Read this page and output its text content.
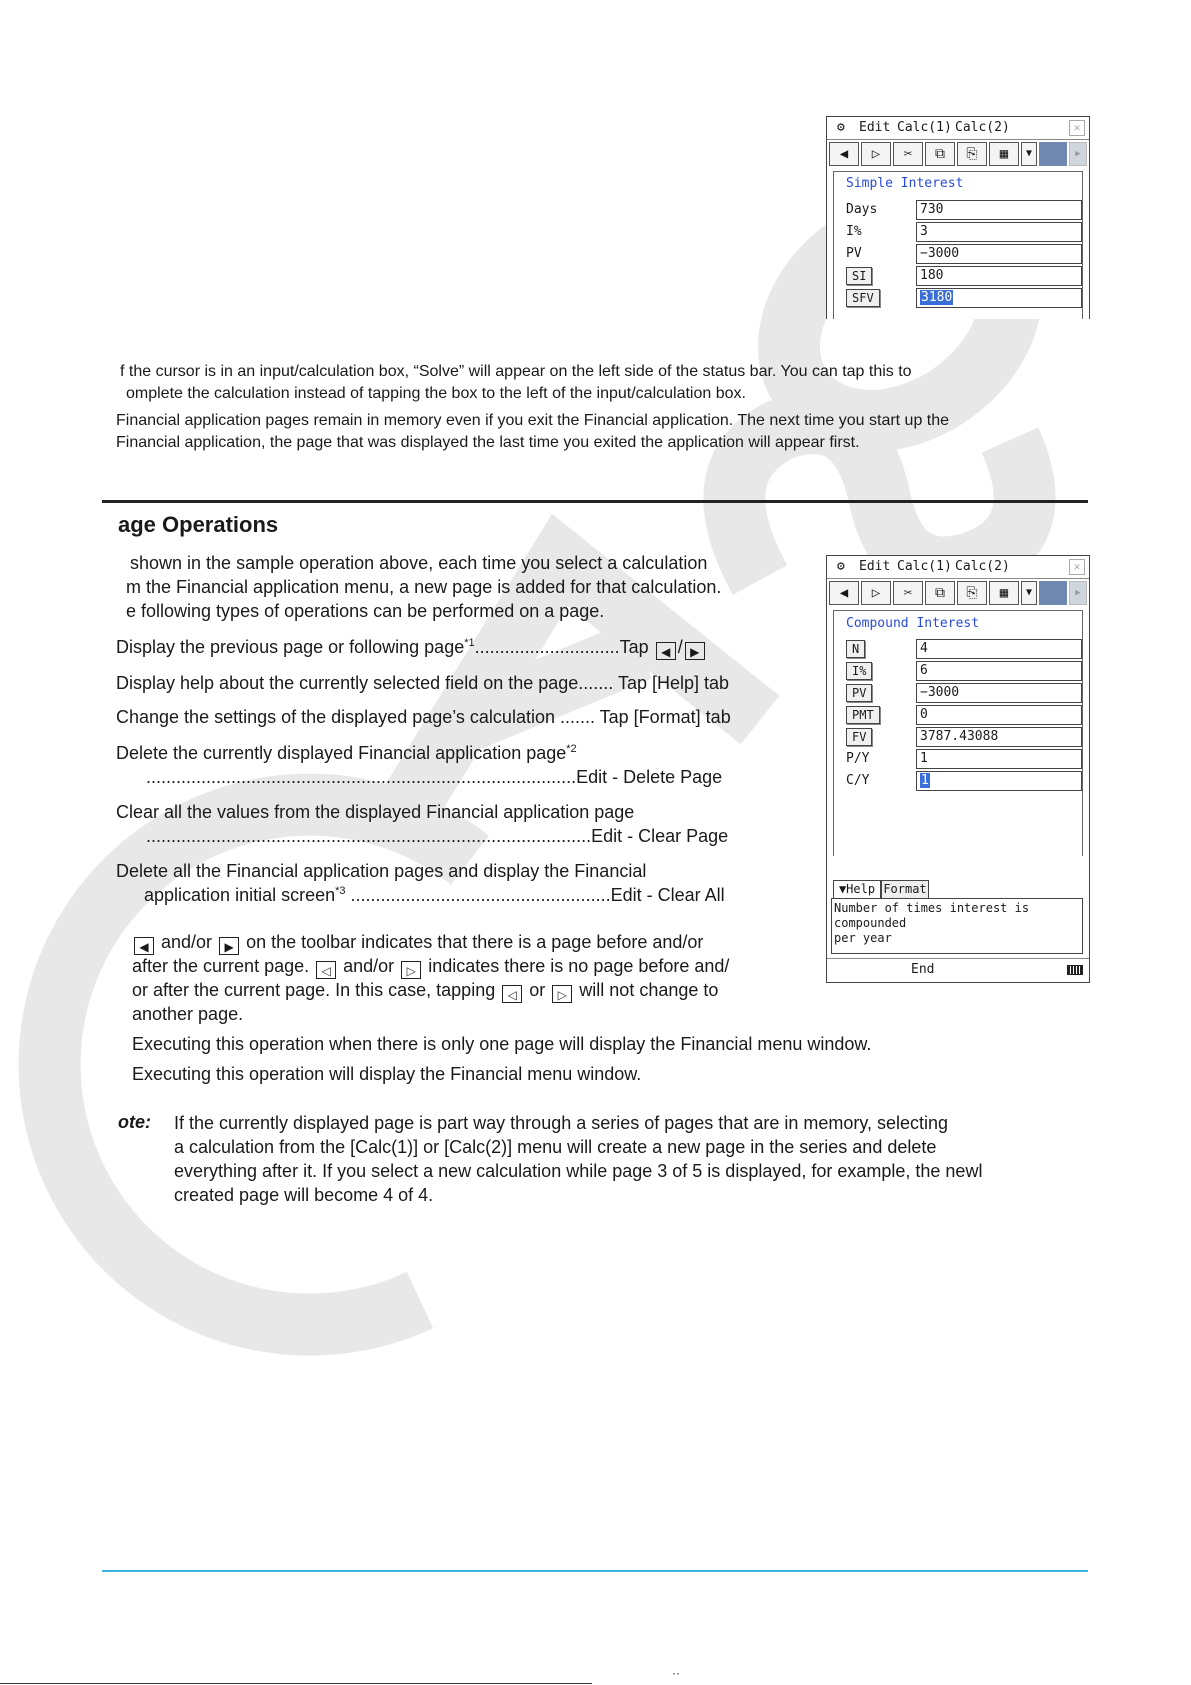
⚙ Edit Calc(1) Calc(2)	✕
◀	▷	✂	⧉	⎘	▦	▼	▶
Simple Interest
Days	730
I%	3
PV	−3000
SI	180
SFV	3180
⚙ Edit Calc(1) Calc(2)	✕
◀	▷	✂	⧉	⎘	▦	▼	▶
Compound Interest
N	4
I%	6
PV	−3000
PMT	0
FV	3787.43088
P/Y	1
C/Y	1
▼Help Format
Number of times interest is compounded
per year
End
f the cursor is in an input/calculation box, “Solve” will appear on the left side of the status bar. You can tap this to
omplete the calculation instead of tapping the box to the left of the input/calculation box.
Financial application pages remain in memory even if you exit the Financial application. The next time you start up the
Financial application, the page that was displayed the last time you exited the application will appear first.
age Operations
shown in the sample operation above, each time you select a calculation
m the Financial application menu, a new page is added for that calculation.
e following types of operations can be performed on a page.
Display the previous page or following page$^{*1}$.............................Tap ◀ / ▶
Display help about the currently selected field on the page....... Tap [Help] tab
Change the settings of the displayed page’s calculation ....... Tap [Format] tab
Delete the currently displayed Financial application page$^{*2}$
......................................................................................Edit - Delete Page
Clear all the values from the displayed Financial application page
.........................................................................................Edit - Clear Page
Delete all the Financial application pages and display the Financial
application initial screen$^{*3}$ ....................................................Edit - Clear All
◀ and/or ▶ on the toolbar indicates that there is a page before and/or
after the current page. ◁ and/or ▷ indicates there is no page before and/
or after the current page. In this case, tapping ◁ or ▷ will not change to
another page.
Executing this operation when there is only one page will display the Financial menu window.
Executing this operation will display the Financial menu window.
ote: If the currently displayed page is part way through a series of pages that are in memory, selecting
a calculation from the [Calc(1)] or [Calc(2)] menu will create a new page in the series and delete
everything after it. If you select a new calculation while page 3 of 5 is displayed, for example, the newl
created page will become 4 of 4.
··
